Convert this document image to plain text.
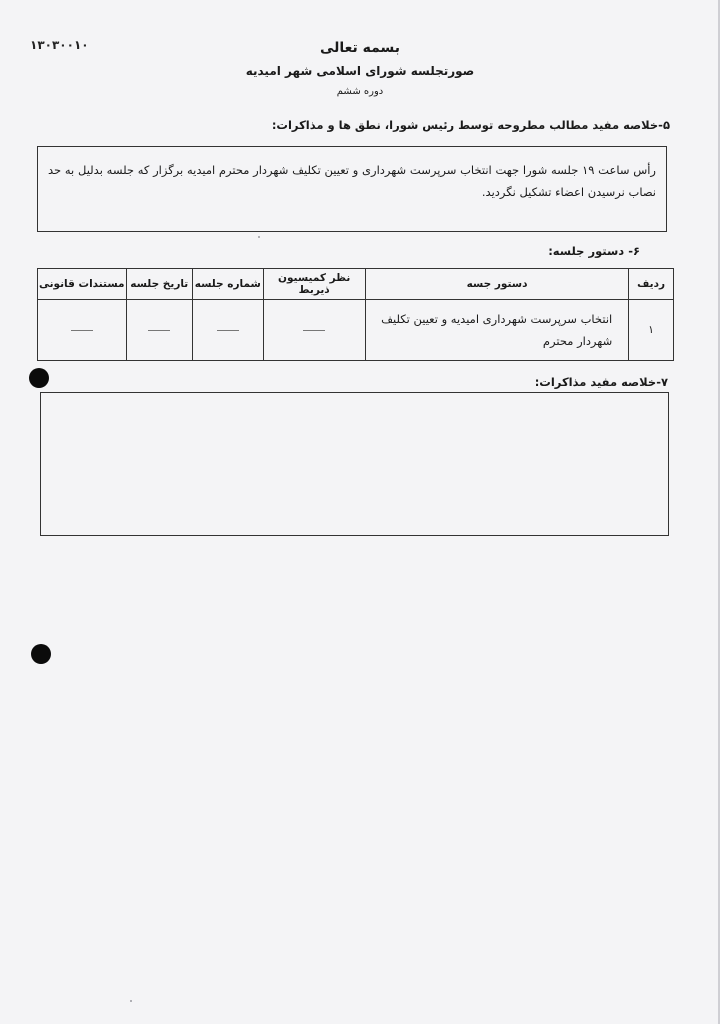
۱۳۰۳۰۰۱۰	بسمه تعالی
صورتجلسه شورای اسلامی شهر امیدیه
دوره ششم
۵-خلاصه مفید مطالب مطروحه توسط رئیس شورا، نطق ها و مذاکرات:
رأس ساعت ۱۹ جلسه شورا جهت انتخاب سرپرست شهرداری و تعیین تکلیف شهردار محترم امیدیه برگزار که جلسه بدلیل به حد نصاب نرسیدن اعضاء تشکیل نگردید.
۶- دستور جلسه:
ردیف	دستور جسه	نظر کمیسیون ذیربط	شماره جلسه	تاریخ جلسه	مستندات قانونی
۱	انتخاب سرپرست شهرداری امیدیه و تعیین تکلیف شهردار محترم				
۷-خلاصه مفید مذاکرات:
